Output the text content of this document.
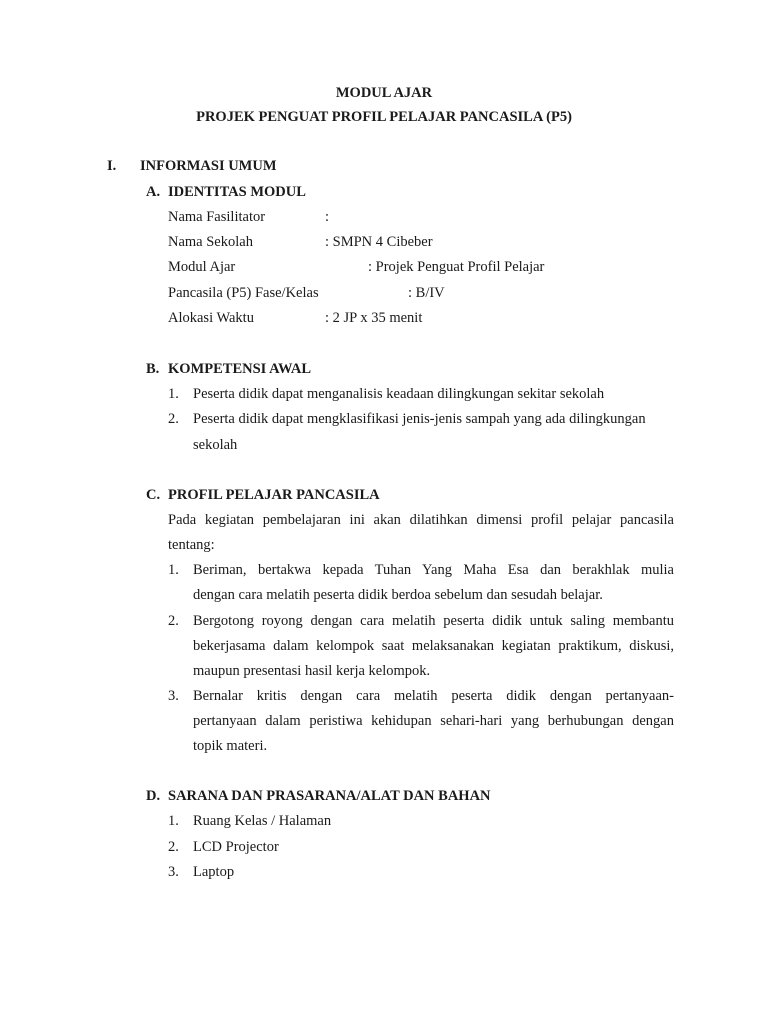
MODUL AJAR
PROJEK PENGUAT PROFIL PELAJAR PANCASILA (P5)
I. INFORMASI UMUM
A. IDENTITAS MODUL
Nama Fasilitator	:
Nama Sekolah	: SMPN 4 Cibeber
Modul Ajar	: Projek Penguat Profil Pelajar
Pancasila (P5) Fase/Kelas	: B/IV
Alokasi Waktu	: 2 JP x 35 menit
B. KOMPETENSI AWAL
1. Peserta didik dapat menganalisis keadaan dilingkungan sekitar sekolah
2. Peserta didik dapat mengklasifikasi jenis-jenis sampah yang ada dilingkungan
sekolah
C. PROFIL PELAJAR PANCASILA
Pada kegiatan pembelajaran ini akan dilatihkan dimensi profil pelajar pancasila
tentang:
1. Beriman, bertakwa kepada Tuhan Yang Maha Esa dan berakhlak mulia
dengan cara melatih peserta didik berdoa sebelum dan sesudah belajar.
2. Bergotong royong dengan cara melatih peserta didik untuk saling membantu
bekerjasama dalam kelompok saat melaksanakan kegiatan praktikum, diskusi,
maupun presentasi hasil kerja kelompok.
3. Bernalar kritis dengan cara melatih peserta didik dengan pertanyaan-
pertanyaan dalam peristiwa kehidupan sehari-hari yang berhubungan dengan
topik materi.
D. SARANA DAN PRASARANA/ALAT DAN BAHAN
1. Ruang Kelas / Halaman
2. LCD Projector
3. Laptop
